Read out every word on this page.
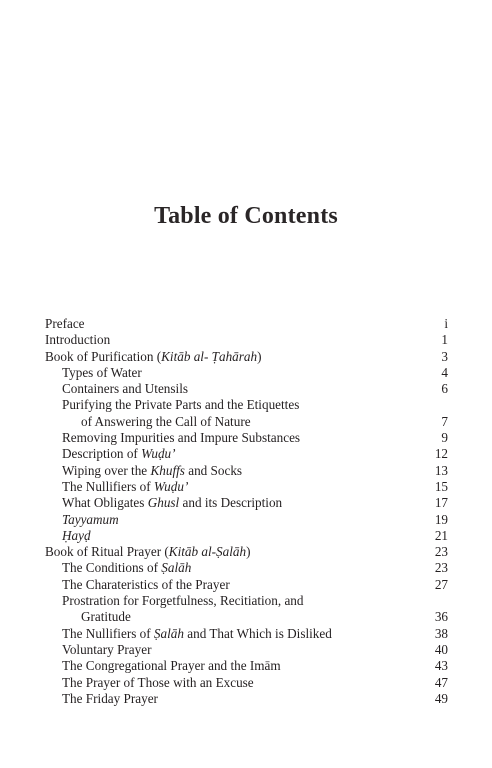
Table of Contents
Preface	i
Introduction	1
Book of Purification (Kitāb al- Ṭahārah)	3
Types of Water	4
Containers and Utensils	6
Purifying the Private Parts and the Etiquettes
of Answering the Call of Nature	7
Removing Impurities and Impure Substances	9
Description of Wuḍu’	12
Wiping over the Khuffs and Socks	13
The Nullifiers of Wuḍu’	15
What Obligates Ghusl and its Description	17
Tayyamum	19
Ḥayḍ	21
Book of Ritual Prayer (Kitāb al-Ṣalāh)	23
The Conditions of Ṣalāh	23
The Charateristics of the Prayer	27
Prostration for Forgetfulness, Recitiation, and
Gratitude	36
The Nullifiers of Ṣalāh and That Which is Disliked	38
Voluntary Prayer	40
The Congregational Prayer and the Imām	43
The Prayer of Those with an Excuse	47
The Friday Prayer	49
